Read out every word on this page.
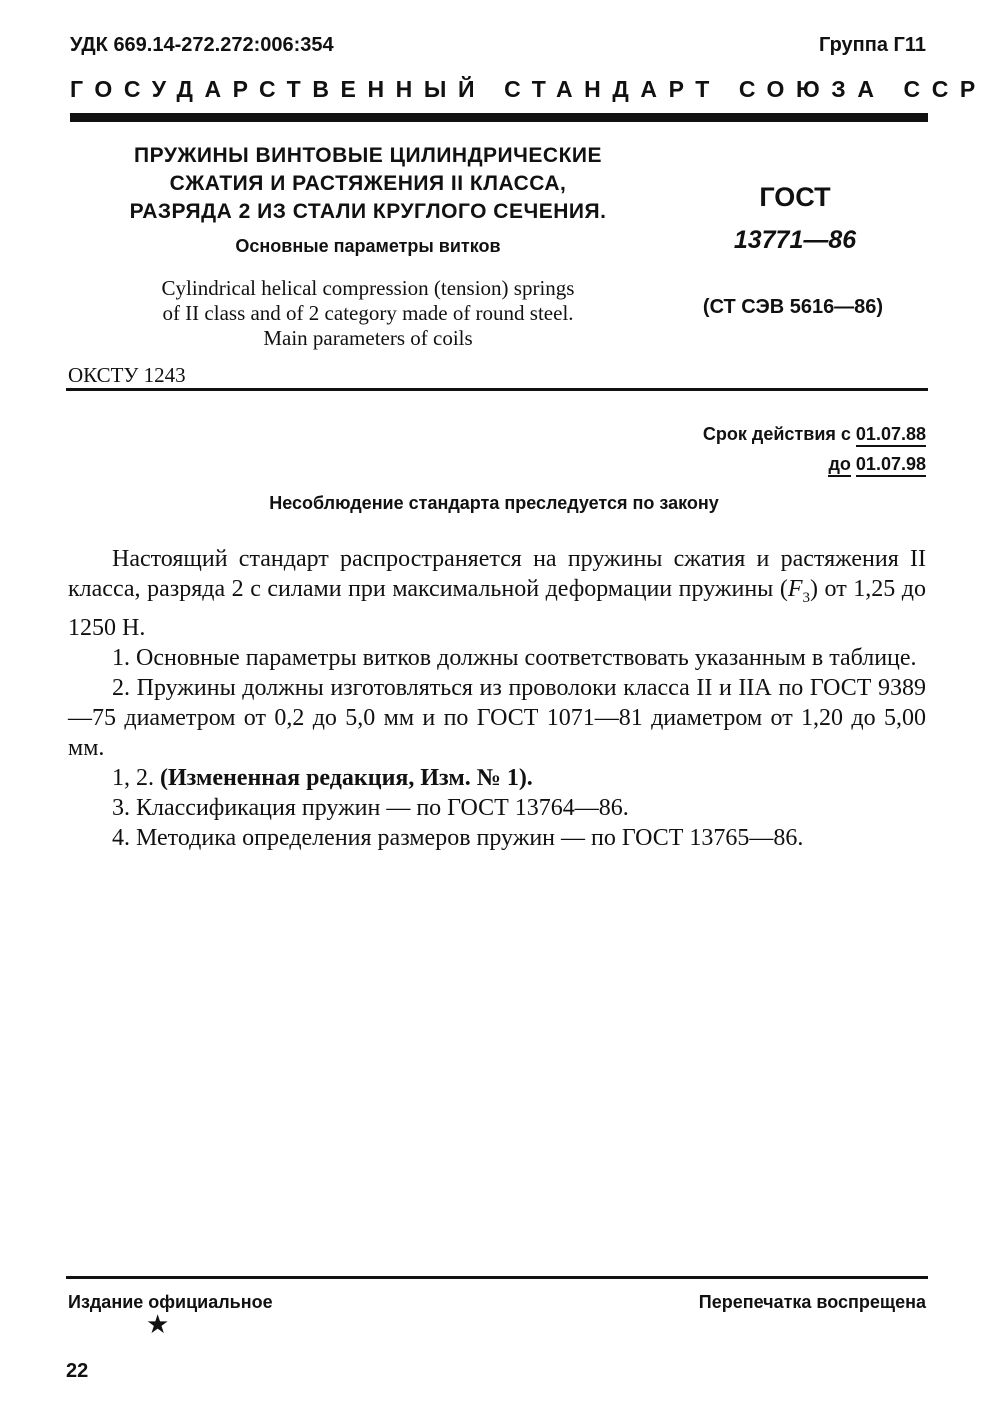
УДК 669.14-272.272:006:354	Группа Г11
ГОСУДАРСТВЕННЫЙ СТАНДАРТ СОЮЗА ССР
ПРУЖИНЫ ВИНТОВЫЕ ЦИЛИНДРИЧЕСКИЕ
СЖАТИЯ И РАСТЯЖЕНИЯ II КЛАССА,
РАЗРЯДА 2 ИЗ СТАЛИ КРУГЛОГО СЕЧЕНИЯ.
Основные параметры витков
Cylindrical helical compression (tension) springs
of II class and of 2 category made of round steel.
Main parameters of coils
ГОСТ
13771—86
(СТ СЭВ 5616—86)
ОКСТУ 1243
Срок действия с 01.07.88
до 01.07.98
Несоблюдение стандарта преследуется по закону

Настоящий стандарт распространяется на пружины сжатия и растяжения II класса, разряда 2 с силами при максимальной деформации пружины $(F_3)$ от 1,25 до 1250 Н.

1. Основные параметры витков должны соответствовать указанным в таблице.

2. Пружины должны изготовляться из проволоки класса II и IIА по ГОСТ 9389—75 диаметром от 0,2 до 5,0 мм и по ГОСТ 1071—81 диаметром от 1,20 до 5,00 мм.

1, 2. (Измененная редакция, Изм. № 1).

3. Классификация пружин — по ГОСТ 13764—86.

4. Методика определения размеров пружин — по ГОСТ 13765—86.

Издание официальное
★
Перепечатка воспрещена
22
